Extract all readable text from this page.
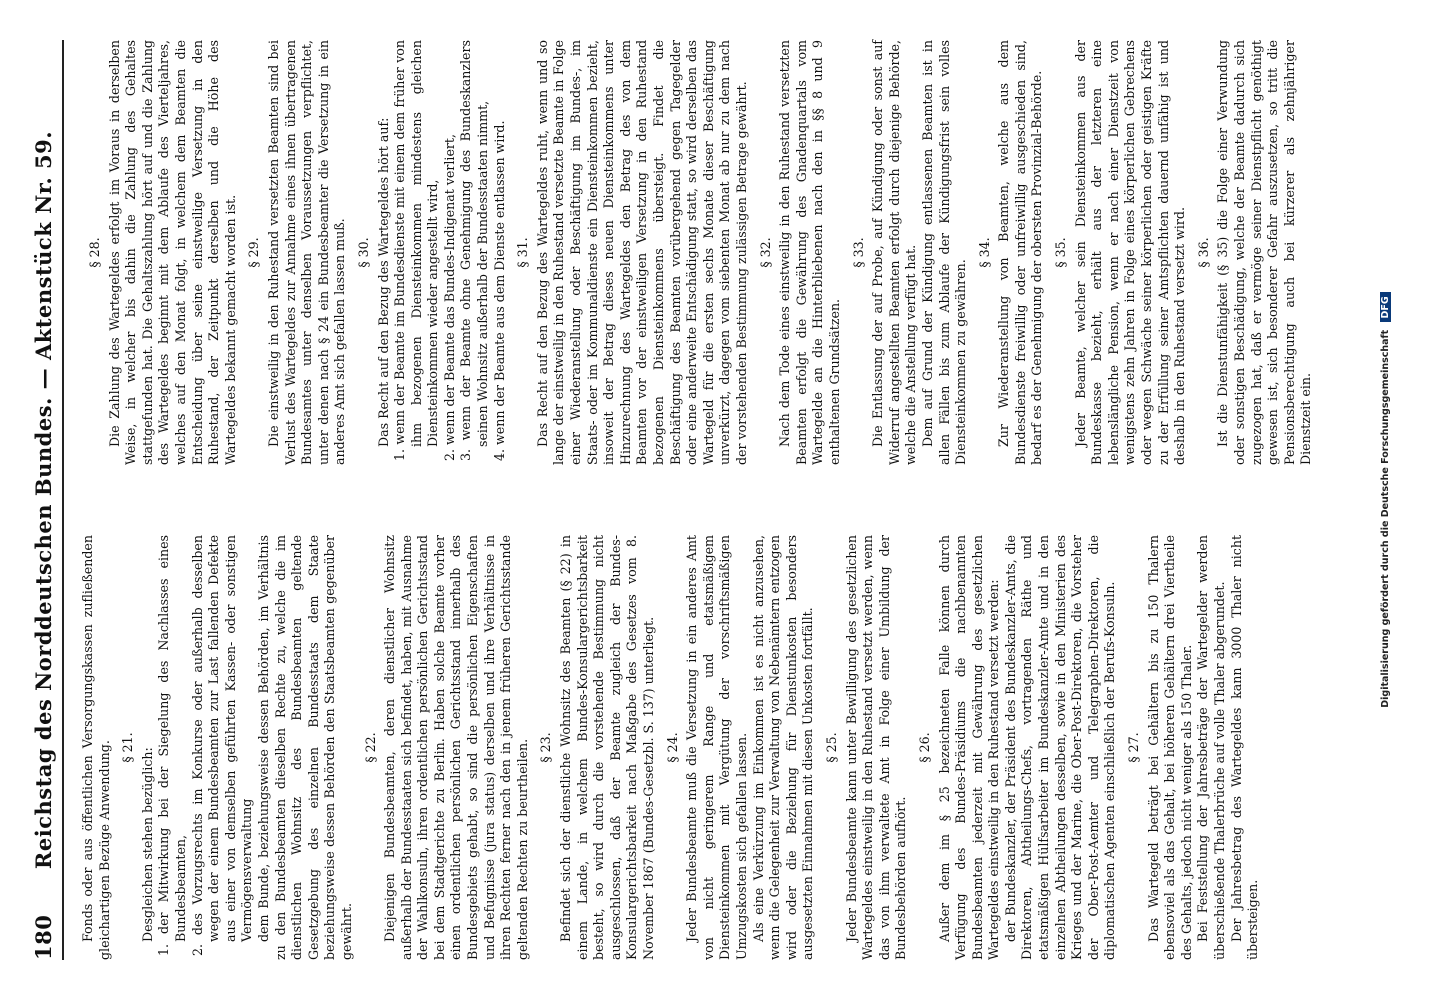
180
Reichstag des Norddeutschen Bundes. — Aktenstück Nr. 59. Fonds oder aus öffentlichen Versorgungskassen zufließenden gleichartigen Bezüge Anwendung. § 21. Desgleichen stehen bezüglich: 1. der Mitwirkung bei der Siegelung des Nachlasses eines Bundesbeamten, 2. des Vorzugsrechts im Konkurse oder außerhalb desselben wegen der einem Bundesbeamten zur Last fallenden Defekte aus einer von demselben geführten Kassen- oder sonstigen Vermögensverwaltung dem Bunde, beziehungsweise dessen Behörden, im Verhältnis zu den Bundesbeamten dieselben Rechte zu, welche die im dienstlichen Wohnsitz des Bundesbeamten geltende Gesetzgebung des einzelnen Bundesstaats dem Staate beziehungsweise dessen Behörden den Staatsbeamten gegenüber gewährt.
§ 22. Diejenigen Bundesbeamten, deren dienstlicher Wohnsitz außerhalb der Bundesstaaten sich befindet, haben, mit Ausnahme der Wahlkonsuln, ihren ordentlichen persönlichen Gerichtsstand bei dem Stadtgerichte zu Berlin. Haben solche Beamte vorher einen ordentlichen persönlichen Gerichtsstand innerhalb des Bundesgebiets gehabt, so sind die persönlichen Eigenschaften und Befugnisse (jura status) derselben und ihre Verhältnisse in ihren Rechten ferner nach den in jenem früheren Gerichtsstande geltenden Rechten zu beurtheilen. § 23. Befindet sich der dienstliche Wohnsitz des Beamten (§ 22) in einem Lande, in welchem Bundes-Konsulargerichtsbarkeit besteht, so wird durch die vorstehende Bestimmung nicht ausgeschlossen, daß der Beamte zugleich der Bundes-Konsulargerichtsbarkeit nach Maßgabe des Gesetzes vom 8. November 1867 (Bundes-Gesetzbl. S. 137) unterliegt. § 24. Jeder Bundesbeamte muß die Versetzung in ein anderes Amt von nicht geringerem Range und etatsmäßigem Diensteinkommen mit Vergütung der vorschriftsmäßigen Umzugskosten sich gefallen lassen. Als eine Verkürzung im Einkommen ist es nicht anzusehen, wenn die Gelegenheit zur Verwaltung von Nebenämtern entzogen wird oder die Beziehung für Dienstunkosten besonders ausgesetzten Einnahmen mit diesen Unkosten fortfällt. § 25. Jeder Bundesbeamte kann unter Bewilligung des gesetzlichen Wartegeldes einstweilig in den Ruhestand versetzt werden, wenn das von ihm verwaltete Amt in Folge einer Umbildung der Bundesbehörden aufhört.
§ 26. Außer dem im § 25 bezeichneten Falle können durch Verfügung des Bundes-Präsidiums die nachbenannten Bundesbeamten jederzeit mit Gewährung des gesetzlichen Wartegeldes einstweilig in den Ruhestand versetzt werden: der Bundeskanzler, der Präsident des Bundeskanzler-Amts, die Direktoren, Abtheilungs-Chefs, vortragenden Räthe und etatsmäßigen Hülfsarbeiter im Bundeskanzler-Amte und in den einzelnen Abtheilungen desselben, sowie in den Ministerien des Krieges und der Marine, die Ober-Post-Direktoren, die Vorsteher der Ober-Post-Aemter und Telegraphen-Direktoren, die diplomatischen Agenten einschließlich der Berufs-Konsuln. § 27. Das Wartegeld beträgt bei Gehältern bis zu 150 Thalern ebensoviel als das Gehalt, bei höheren Gehältern drei Viertheile des Gehalts, jedoch nicht weniger als 150 Thaler. Bei Feststellung der Jahresbeträge der Wartegelder werden überschießende Thalerbrüche auf volle Thaler abgerundet. Der Jahresbetrag des Wartegeldes kann 3000 Thaler nicht übersteigen.
§ 28. Die Zahlung des Wartegeldes erfolgt im Voraus in derselben Weise, in welcher bis dahin die Zahlung des Gehaltes stattgefunden hat. Die Gehaltszahlung hört auf und die Zahlung des Wartegeldes beginnt mit dem Ablaufe des Vierteljahres, welches auf den Monat folgt, in welchem dem Beamten die Entscheidung über seine einstweilige Versetzung in den Ruhestand, der Zeitpunkt derselben und die Höhe des Wartegeldes bekannt gemacht worden ist. § 29. Die einstweilig in den Ruhestand versetzten Beamten sind bei Verlust des Wartegeldes zur Annahme eines ihnen übertragenen Bundesamtes unter denselben Voraussetzungen verpflichtet, unter denen nach § 24 ein Bundesbeamter die Versetzung in ein anderes Amt sich gefallen lassen muß. § 30. Das Recht auf den Bezug des Wartegeldes hört auf: 1. wenn der Beamte im Bundesdienste mit einem dem früher von ihm bezogenen Diensteinkommen mindestens gleichen Diensteinkommen wieder angestellt wird, 2. wenn der Beamte das Bundes-Indigenat verliert, 3. wenn der Beamte ohne Genehmigung des Bundeskanzlers seinen Wohnsitz außerhalb der Bundesstaaten nimmt, 4. wenn der Beamte aus dem Dienste entlassen wird. § 31. Das Recht auf den Bezug des Wartegeldes ruht, wenn und so lange der einstweilig in den Ruhestand versetzte Beamte in Folge einer Wiederanstellung oder Beschäftigung im Bundes-, im Staats- oder im Kommunaldienste ein Diensteinkommen bezieht, insoweit der Betrag dieses neuen Diensteinkommens unter Hinzurechnung des Wartegeldes den Betrag des von dem Beamten vor der einstweiligen Versetzung in den Ruhestand bezogenen Diensteinkommens übersteigt. Findet die Beschäftigung des Beamten vorübergehend gegen Tagegelder oder eine anderweite Entschädigung statt, so wird derselben das Wartegeld für die ersten sechs Monate dieser Beschäftigung unverkürzt, dagegen vom siebenten Monat ab nur zu dem nach der vorstehenden Bestimmung zulässigen Betrage gewährt. § 32. Nach dem Tode eines einstweilig in den Ruhestand versetzten Beamten erfolgt die Gewährung des Gnadenquartals vom Wartegelde an die Hinterbliebenen nach den in §§ 8 und 9 enthaltenen Grundsätzen.
§ 33. Die Entlassung der auf Probe, auf Kündigung oder sonst auf Widerruf angestellten Beamten erfolgt durch diejenige Behörde, welche die Anstellung verfügt hat. Dem auf Grund der Kündigung entlassenen Beamten ist in allen Fällen bis zum Ablaufe der Kündigungsfrist sein volles Diensteinkommen zu gewähren.
§ 34. Zur Wiederanstellung von Beamten, welche aus dem Bundesdienste freiwillig oder unfreiwillig ausgeschieden sind, bedarf es der Genehmigung der obersten Provinzial-Behörde. § 35. Jeder Beamte, welcher sein Diensteinkommen aus der Bundeskasse bezieht, erhält aus der letzteren eine lebenslängliche Pension, wenn er nach einer Dienstzeit von wenigstens zehn Jahren in Folge eines körperlichen Gebrechens oder wegen Schwäche seiner körperlichen oder geistigen Kräfte zu der Erfüllung seiner Amtspflichten dauernd unfähig ist und deshalb in den Ruhestand versetzt wird. § 36. Ist die Dienstunfähigkeit (§ 35) die Folge einer Verwundung oder sonstigen Beschädigung, welche der Beamte dadurch sich zugezogen hat, daß er vermöge seiner Dienstpflicht genöthigt gewesen ist, sich besonderer Gefahr auszusetzen, so tritt die Pensionsberechtigung auch bei kürzerer als zehnjähriger Dienstzeit ein.	Digitalisierung gefördert durch die Deutsche Forschungsgemeinschaft DFG
